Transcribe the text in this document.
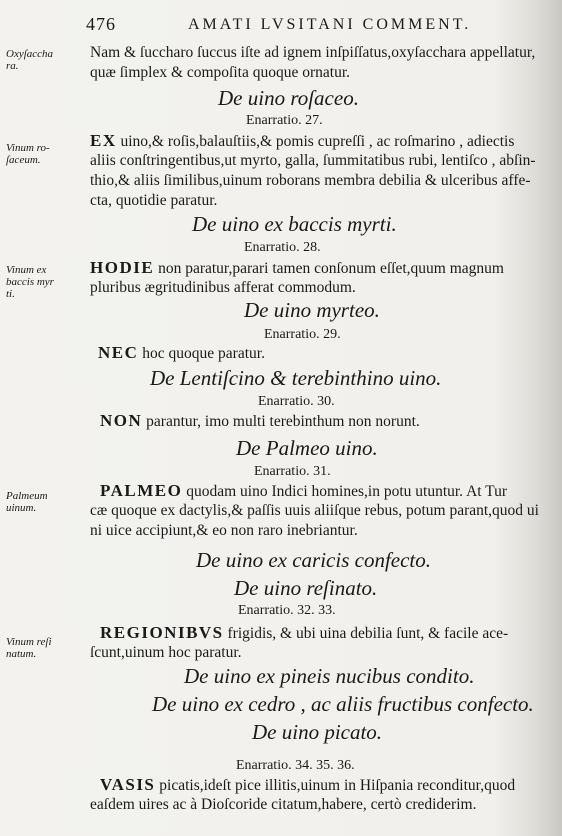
476	AMATI LVSITANI COMMENT.
Oxyſaccha
ra.
Vinum ro-
ſaceum.
Vinum ex
baccis myr
ti.
Palmeum
uinum.
Vinum reſi
natum.
Nam & ſuccharo ſuccus iſte ad ignem inſpiſſatus,oxyſacchara appellatur,
quæ ſimplex & compoſita quoque ornatur.
De uino roſaceo.
Enarratio. 27.
EX uino,& roſis,balauſtiis,& pomis cupreſſi , ac roſmarino , adiectis
aliis conſtringentibus,ut myrto, galla, ſummitatibus rubi, lentiſco , abſin-
thio,& aliis ſimilibus,uinum roborans membra debilia & ulceribus affe-
cta, quotidie paratur.
De uino ex baccis myrti.
Enarratio. 28.
HODIE non paratur,parari tamen conſonum eſſet,quum magnum
pluribus ægritudinibus afferat commodum.
De uino myrteo.
Enarratio. 29.
NEC hoc quoque paratur.
De Lentiſcino & terebinthino uino.
Enarratio. 30.
NON parantur, imo multi terebinthum non norunt.
De Palmeo uino.
Enarratio. 31.
PALMEO quodam uino Indici homines,in potu utuntur. At Tur
cæ quoque ex dactylis,& paſſis uuis aliiſque rebus, potum parant,quod ui
ni uice accipiunt,& eo non raro inebriantur.
De uino ex caricis confecto.
De uino reſinato.
Enarratio. 32. 33.
REGIONIBVS frigidis, & ubi uina debilia ſunt, & facile ace-
ſcunt,uinum hoc paratur.
De uino ex pineis nucibus condito.
De uino ex cedro , ac aliis fructibus confecto.
De uino picato.
Enarratio. 34. 35. 36.
VASIS picatis,ideſt pice illitis,uinum in Hiſpania reconditur,quod
eaſdem uires ac à Dioſcoride citatum,habere, certò crediderim.
